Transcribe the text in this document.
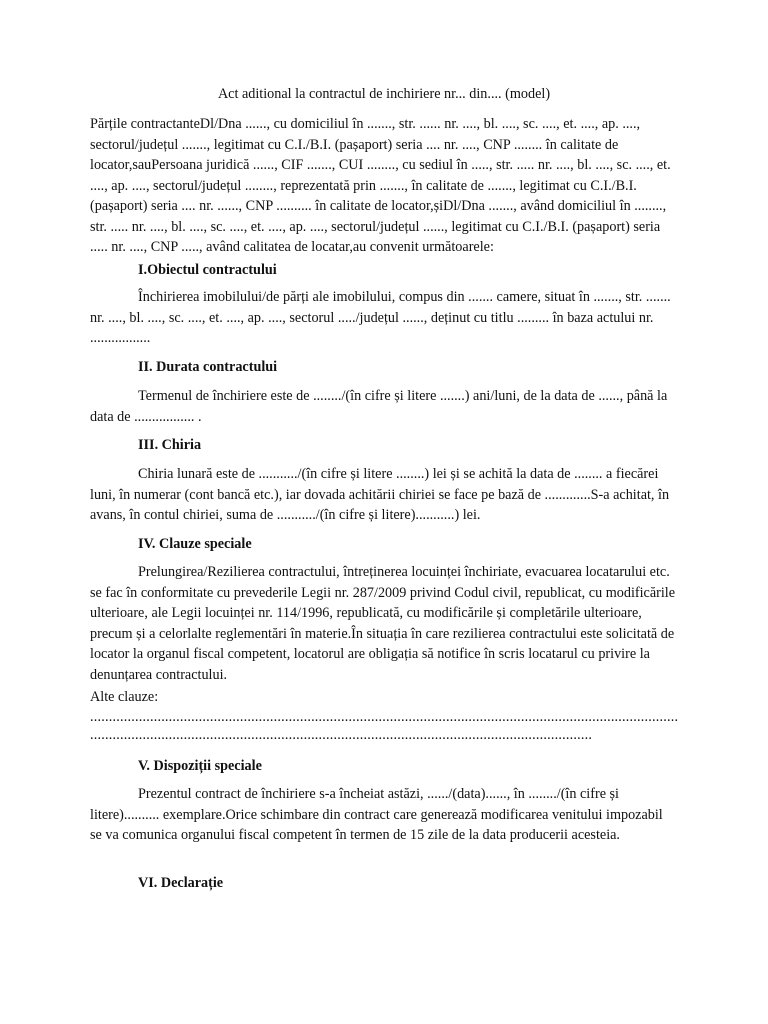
Act aditional la contractul de inchiriere nr... din.... (model)

Părțile contractanteDl/Dna ......, cu domiciliul în ......., str. ...... nr. ...., bl. ...., sc. ...., et. ...., ap. ...., sectorul/județul ......., legitimat cu C.I./B.I. (pașaport) seria .... nr. ...., CNP ........ în calitate de locator,sauPersoana juridică ......, CIF ......., CUI ........, cu sediul în ....., str. ..... nr. ...., bl. ...., sc. ...., et. ...., ap. ...., sectorul/județul ........, reprezentată prin ......., în calitate de ......., legitimat cu C.I./B.I. (pașaport) seria .... nr. ......, CNP .......... în calitate de locator,șiDl/Dna ......., având domiciliul în ........, str. ..... nr. ...., bl. ...., sc. ...., et. ...., ap. ...., sectorul/județul ......, legitimat cu C.I./B.I. (pașaport) seria ..... nr. ...., CNP ....., având calitatea de locatar,au convenit următoarele:

I.Obiectul contractului

Închirierea imobilului/de părți ale imobilului, compus din ....... camere, situat în ......., str. ....... nr. ...., bl. ...., sc. ...., et. ...., ap. ...., sectorul ...../județul ......, deținut cu titlu ......... în baza actului nr. .................

II. Durata contractului

Termenul de închiriere este de ......../(în cifre și litere .......) ani/luni, de la data de ......, până la data de ................. .

III. Chiria

Chiria lunară este de .........../(în cifre și litere ........) lei și se achită la data de ........ a fiecărei luni, în numerar (cont bancă etc.), iar dovada achitării chiriei se face pe bază de .............S-a achitat, în avans, în contul chiriei, suma de .........../(în cifre și litere)...........) lei.

IV. Clauze speciale

Prelungirea/Rezilierea contractului, întreținerea locuinței închiriate, evacuarea locatarului etc. se fac în conformitate cu prevederile Legii nr. 287/2009 privind Codul civil, republicat, cu modificările ulterioare, ale Legii locuinței nr. 114/1996, republicată, cu modificările și completările ulterioare, precum și a celorlalte reglementări în materie.În situația în care rezilierea contractului este solicitată de locator la organul fiscal competent, locatorul are obligația să notifice în scris locatarul cu privire la denunțarea contractului.

Alte clauze:

.............................................................................................................................................................
......................................................................................................................................
V. Dispoziții speciale

Prezentul contract de închiriere s-a încheiat astăzi, ....../(data)......, în ......../(în cifre și litere).......... exemplare.Orice schimbare din contract care generează modificarea venitului impozabil se va comunica organului fiscal competent în termen de 15 zile de la data producerii acesteia.

VI. Declarație
